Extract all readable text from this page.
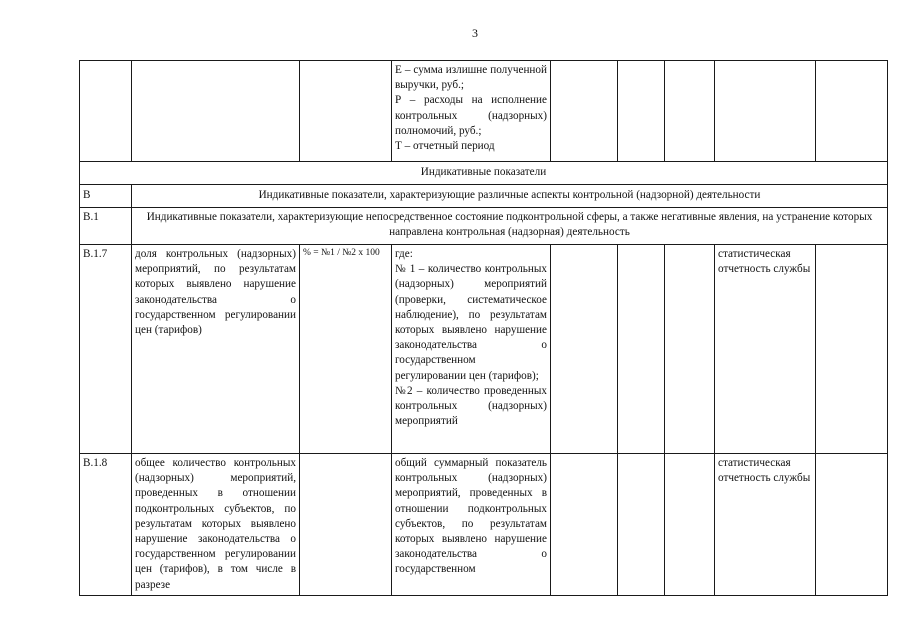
3
			E – сумма излишне полученной выручки, руб.;
Р – расходы на исполнение контрольных (надзорных) полномочий, руб.;
Т – отчетный период					
Индикативные показатели								
В	Индикативные показатели, характеризующие различные аспекты контрольной (надзорной) деятельности							
В.1	Индикативные показатели, характеризующие непосредственное состояние подконтрольной сферы, а также негативные явления, на устранение которых направлена контрольная (надзорная) деятельность							
В.1.7	доля контрольных (надзорных) мероприятий, по результатам которых выявлено нарушение законодательства о государственном регулировании цен (тарифов)	% = №1 / №2 х 100	где:
№ 1 – количество контрольных (надзорных) мероприятий (проверки, систематическое наблюдение), по результатам которых выявлено нарушение законодательства о государственном регулировании цен (тарифов);
№2 – количество проведенных контрольных (надзорных) мероприятий				статистическая отчетность службы	
В.1.8	общее количество контрольных (надзорных) мероприятий, проведенных в отношении подконтрольных субъектов, по результатам которых выявлено нарушение законодательства о государственном регулировании цен (тарифов), в том числе в разрезе		общий суммарный показатель контрольных (надзорных) мероприятий, проведенных в отношении подконтрольных субъектов, по результатам которых выявлено нарушение законодательства о государственном				статистическая отчетность службы	
